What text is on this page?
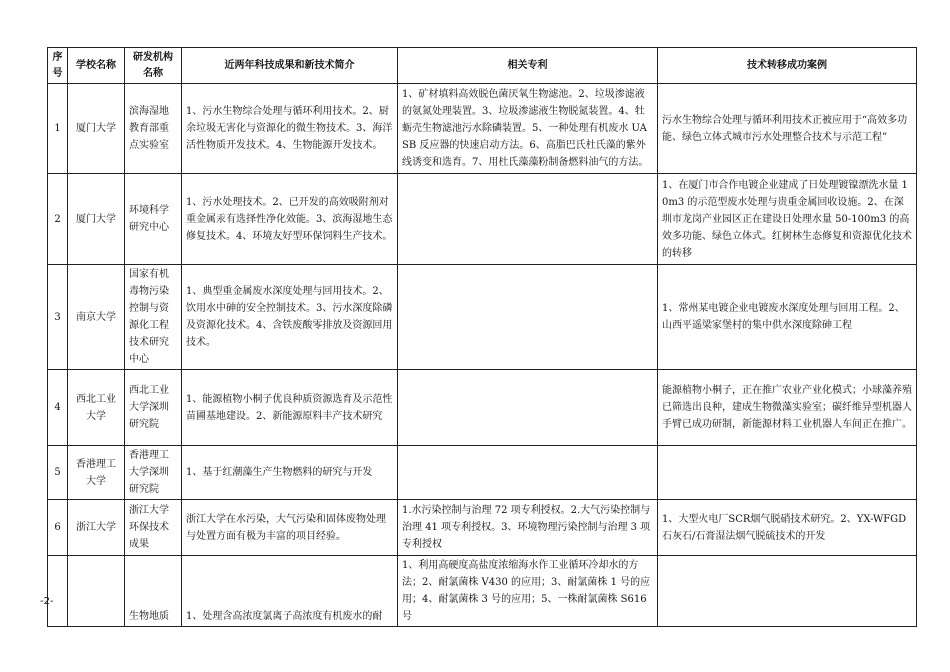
-2-
序号	学校名称	研发机构名称	近两年科技成果和新技术简介	相关专利	技术转移成功案例
1	厦门大学	滨海湿地教育部重点实验室	1、污水生物综合处理与循环利用技术。2、厨余垃圾无害化与资源化的微生物技术。3、海洋活性物质开发技术。4、生物能源开发技术。	1、矿材填料高效脱色菌厌氧生物滤池。2、垃圾渗滤液的氨氮处理装置。3、垃圾渗滤液生物脱氮装置。4、牡蛎壳生物滤池污水除磷装置。5、一种处理有机废水 UASB 反应器的快速启动方法。6、高脂巴氏杜氏藻的紫外线诱变和选育。7、用杜氏藻藻粉制备燃料油气的方法。	污水生物综合处理与循环利用技术正被应用于“高效多功能、绿色立体式城市污水处理整合技术与示范工程”
2	厦门大学	环境科学研究中心	1、污水处理技术。2、已开发的高效吸附剂对重金属汞有选择性净化效能。3、滨海湿地生态修复技术。4、环境友好型环保饲料生产技术。		1、在厦门市合作电镀企业建成了日处理镀镍漂洗水量 10m3 的示范型废水处理与贵重金属回收设施。2、在深圳市龙岗产业园区正在建设日处理水量 50-100m3 的高效多功能、绿色立体式。红树林生态修复和资源优化技术的转移
3	南京大学	国家有机毒物污染控制与资源化工程技术研究中心	1、典型重金属废水深度处理与回用技术。2、饮用水中砷的安全控制技术。3、污水深度除磷及资源化技术。4、含铁废酸零排放及资源回用技术。		1、常州某电镀企业电镀废水深度处理与回用工程。2、山西平遥梁家堡村的集中供水深度除砷工程
4	西北工业大学	西北工业大学深圳研究院	1、能源植物小桐子优良种质资源选育及示范性苗圃基地建设。2、新能源原料丰产技术研究		能源植物小桐子，正在推广农业产业化模式；小球藻养殖已筛选出良种，建成生物微藻实验室；碳纤维异型机器人手臂已成功研制，新能源材料工业机器人车间正在推广。
5	香港理工大学	香港理工大学深圳研究院	1、基于红潮藻生产生物燃料的研究与开发		
6	浙江大学	浙江大学环保技术成果	浙江大学在水污染，大气污染和固体废物处理与处置方面有极为丰富的项目经验。	1.水污染控制与治理 72 项专利授权。2.大气污染控制与治理 41 项专利授权。3、环境物理污染控制与治理 3 项专利授权	1、大型火电厂SCR烟气脱硝技术研究。2、YX-WFGD 石灰石/石膏湿法烟气脱硫技术的开发
		生物地质	1、处理含高浓度氯离子高浓度有机废水的耐	1、利用高硬度高盐度浓缩海水作工业循环冷却水的方法；2、耐氯菌株 V430 的应用；3、耐氯菌株 1 号的应用；4、耐氯菌株 3 号的应用；5、一株耐氯菌株 S616 号	
